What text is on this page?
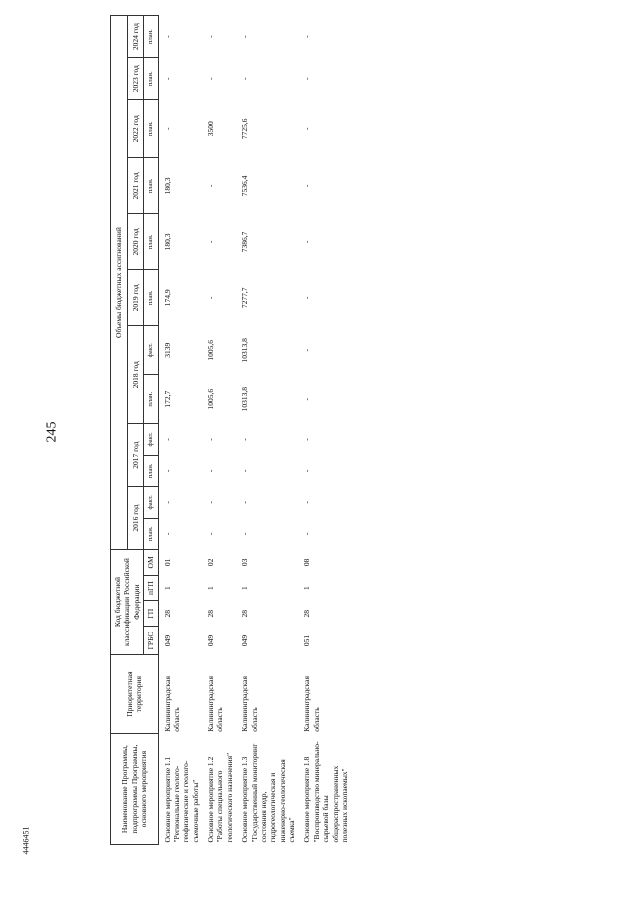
245
4446451
Наименование Программы, подпрограммы Программы, основного мероприятия	Приоритетная территория	Код бюджетной классификации Российской Федерации				Объемы бюджетных ассигнований											
						2016 год		2017 год		2018 год		2019 год	2020 год	2021 год	2022 год	2023 год	2024 год
		ГРБС	ГП	пГП	ОМ	план.	факт.	план.	факт.	план.	факт.	план.	план.	план.	план.	план.	план.
Основное мероприятие 1.1 "Региональные геолого-геофизические и геолого-съемочные работы"	Калининградская область	049	28	1	01	-	-	-	-	172,7	3139	174,9	180,3	180,3	-	-	-
Основное мероприятие 1.2 "Работы специального геологического назначения"	Калининградская область	049	28	1	02	-	-	-	-	1005,6	1005,6	-	-	-	3500	-	-
Основное мероприятие 1.3 "Государственный мониторинг состояния недр, гидрогеологическая и инженерно-геологическая съемка"	Калининградская область	049	28	1	03	-	-	-	-	10313,8	10313,8	7277,7	7386,7	7536,4	7725,6	-	-
Основное мероприятие 1.8 "Воспроизводство минерально-сырьевой базы общераспространенных полезных ископаемых"	Калининградская область	051	28	1	08	-	-	-	-	-	-	-	-	-	-	-	-
